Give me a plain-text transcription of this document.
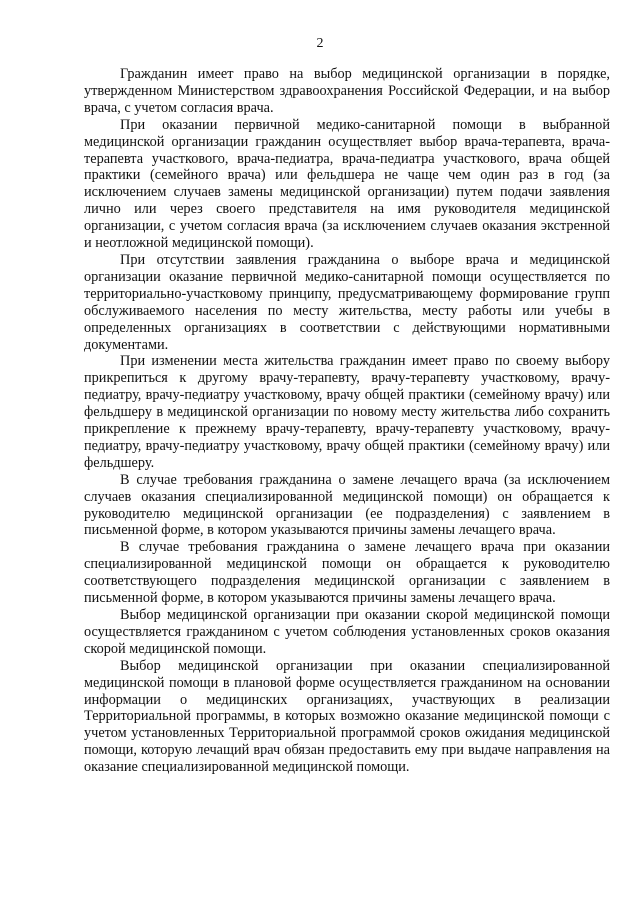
2

Гражданин имеет право на выбор медицинской организации в порядке, утвержденном Министерством здравоохранения Российской Федерации, и на выбор врача, с учетом согласия врача.

При оказании первичной медико-санитарной помощи в выбранной медицинской организации гражданин осуществляет выбор врача-терапевта, врача-терапевта участкового, врача-педиатра, врача-педиатра участкового, врача общей практики (семейного врача) или фельдшера не чаще чем один раз в год (за исключением случаев замены медицинской организации) путем подачи заявления лично или через своего представителя на имя руководителя медицинской организации, с учетом согласия врача (за исключением случаев оказания экстренной и неотложной медицинской помощи).

При отсутствии заявления гражданина о выборе врача и медицинской организации оказание первичной медико-санитарной помощи осуществляется по территориально-участковому принципу, предусматривающему формирование групп обслуживаемого населения по месту жительства, месту работы или учебы в определенных организациях в соответствии с действующими нормативными документами.

При изменении места жительства гражданин имеет право по своему выбору прикрепиться к другому врачу-терапевту, врачу-терапевту участковому, врачу-педиатру, врачу-педиатру участковому, врачу общей практики (семейному врачу) или фельдшеру в медицинской организации по новому месту жительства либо сохранить прикрепление к прежнему врачу-терапевту, врачу-терапевту участковому, врачу-педиатру, врачу-педиатру участковому, врачу общей практики (семейному врачу) или фельдшеру.

В случае требования гражданина о замене лечащего врача (за исключением случаев оказания специализированной медицинской помощи) он обращается к руководителю медицинской организации (ее подразделения) с заявлением в письменной форме, в котором указываются причины замены лечащего врача.

В случае требования гражданина о замене лечащего врача при оказании специализированной медицинской помощи он обращается к руководителю соответствующего подразделения медицинской организации с заявлением в письменной форме, в котором указываются причины замены лечащего врача.

Выбор медицинской организации при оказании скорой медицинской помощи осуществляется гражданином с учетом соблюдения установленных сроков оказания скорой медицинской помощи.

Выбор медицинской организации при оказании специализированной медицинской помощи в плановой форме осуществляется гражданином на основании информации о медицинских организациях, участвующих в реализации Территориальной программы, в которых возможно оказание медицинской помощи с учетом установленных Территориальной программой сроков ожидания медицинской помощи, которую лечащий врач обязан предоставить ему при выдаче направления на оказание специализированной медицинской помощи.
